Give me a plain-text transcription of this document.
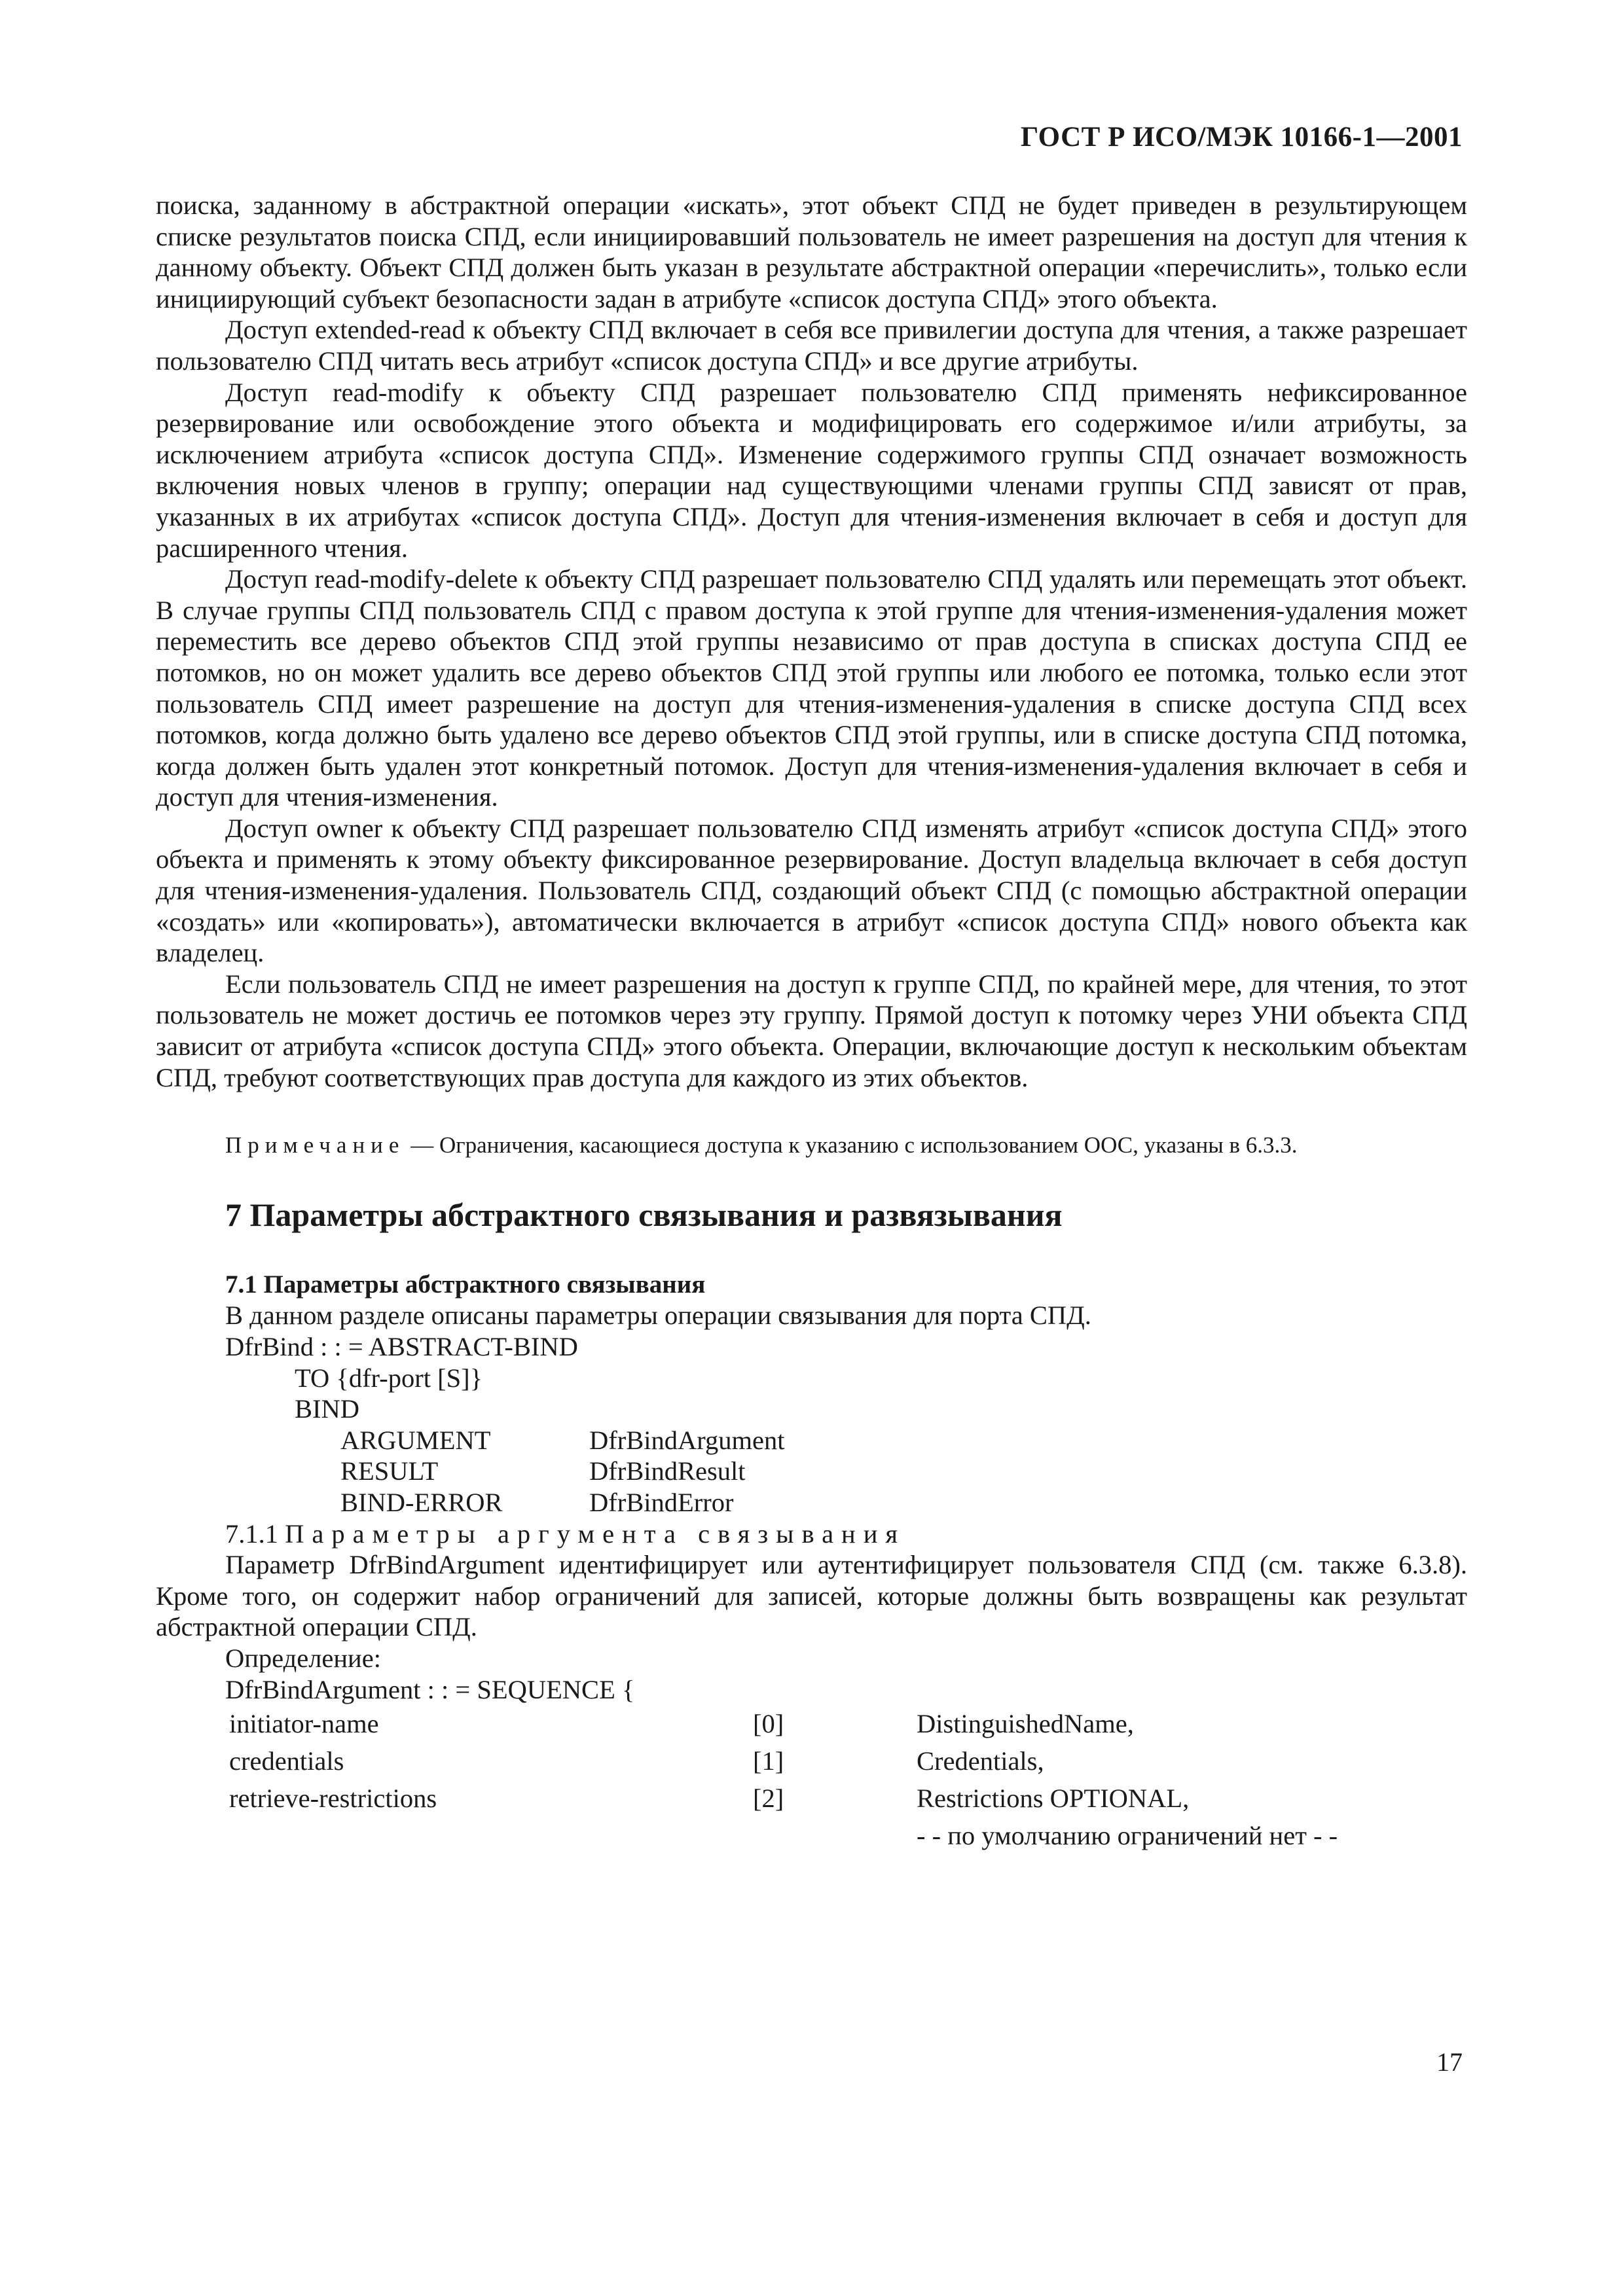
ГОСТ Р ИСО/МЭК 10166-1—2001

поиска, заданному в абстрактной операции «искать», этот объект СПД не будет приведен в результирующем списке результатов поиска СПД, если инициировавший пользователь не имеет разрешения на доступ для чтения к данному объекту. Объект СПД должен быть указан в результате абстрактной операции «перечислить», только если инициирующий субъект безопасности задан в атрибуте «список доступа СПД» этого объекта.

Доступ extended-read к объекту СПД включает в себя все привилегии доступа для чтения, а также разрешает пользователю СПД читать весь атрибут «список доступа СПД» и все другие атрибуты.

Доступ read-modify к объекту СПД разрешает пользователю СПД применять нефиксированное резервирование или освобождение этого объекта и модифицировать его содержимое и/или атрибуты, за исключением атрибута «список доступа СПД». Изменение содержимого группы СПД означает возможность включения новых членов в группу; операции над существующими членами группы СПД зависят от прав, указанных в их атрибутах «список доступа СПД». Доступ для чтения-изменения включает в себя и доступ для расширенного чтения.

Доступ read-modify-delete к объекту СПД разрешает пользователю СПД удалять или перемещать этот объект. В случае группы СПД пользователь СПД с правом доступа к этой группе для чтения-изменения-удаления может переместить все дерево объектов СПД этой группы независимо от прав доступа в списках доступа СПД ее потомков, но он может удалить все дерево объектов СПД этой группы или любого ее потомка, только если этот пользователь СПД имеет разрешение на доступ для чтения-изменения-удаления в списке доступа СПД всех потомков, когда должно быть удалено все дерево объектов СПД этой группы, или в списке доступа СПД потомка, когда должен быть удален этот конкретный потомок. Доступ для чтения-изменения-удаления включает в себя и доступ для чтения-изменения.

Доступ owner к объекту СПД разрешает пользователю СПД изменять атрибут «список доступа СПД» этого объекта и применять к этому объекту фиксированное резервирование. Доступ владельца включает в себя доступ для чтения-изменения-удаления. Пользователь СПД, создающий объект СПД (с помощью абстрактной операции «создать» или «копировать»), автоматически включается в атрибут «список доступа СПД» нового объекта как владелец.

Если пользователь СПД не имеет разрешения на доступ к группе СПД, по крайней мере, для чтения, то этот пользователь не может достичь ее потомков через эту группу. Прямой доступ к потомку через УНИ объекта СПД зависит от атрибута «список доступа СПД» этого объекта. Операции, включающие доступ к нескольким объектам СПД, требуют соответствующих прав доступа для каждого из этих объектов.

Примечание — Ограничения, касающиеся доступа к указанию с использованием ООС, указаны в 6.3.3.

7 Параметры абстрактного связывания и развязывания

7.1 Параметры абстрактного связывания

В данном разделе описаны параметры операции связывания для порта СПД.

DfrBind : : = ABSTRACT-BIND

TO {dfr-port [S]}

BIND

ARGUMENT	DfrBindArgument
RESULT	DfrBindResult
BIND-ERROR	DfrBindError

7.1.1 Параметры аргумента связывания

Параметр DfrBindArgument идентифицирует или аутентифицирует пользователя СПД (см. также 6.3.8). Кроме того, он содержит набор ограничений для записей, которые должны быть возвращены как результат абстрактной операции СПД.

Определение:

DfrBindArgument : : = SEQUENCE {

initiator-name	[0]	DistinguishedName,
credentials	[1]	Credentials,
retrieve-restrictions	[2]	Restrictions OPTIONAL,
- - по умолчанию ограничений нет - -
17
